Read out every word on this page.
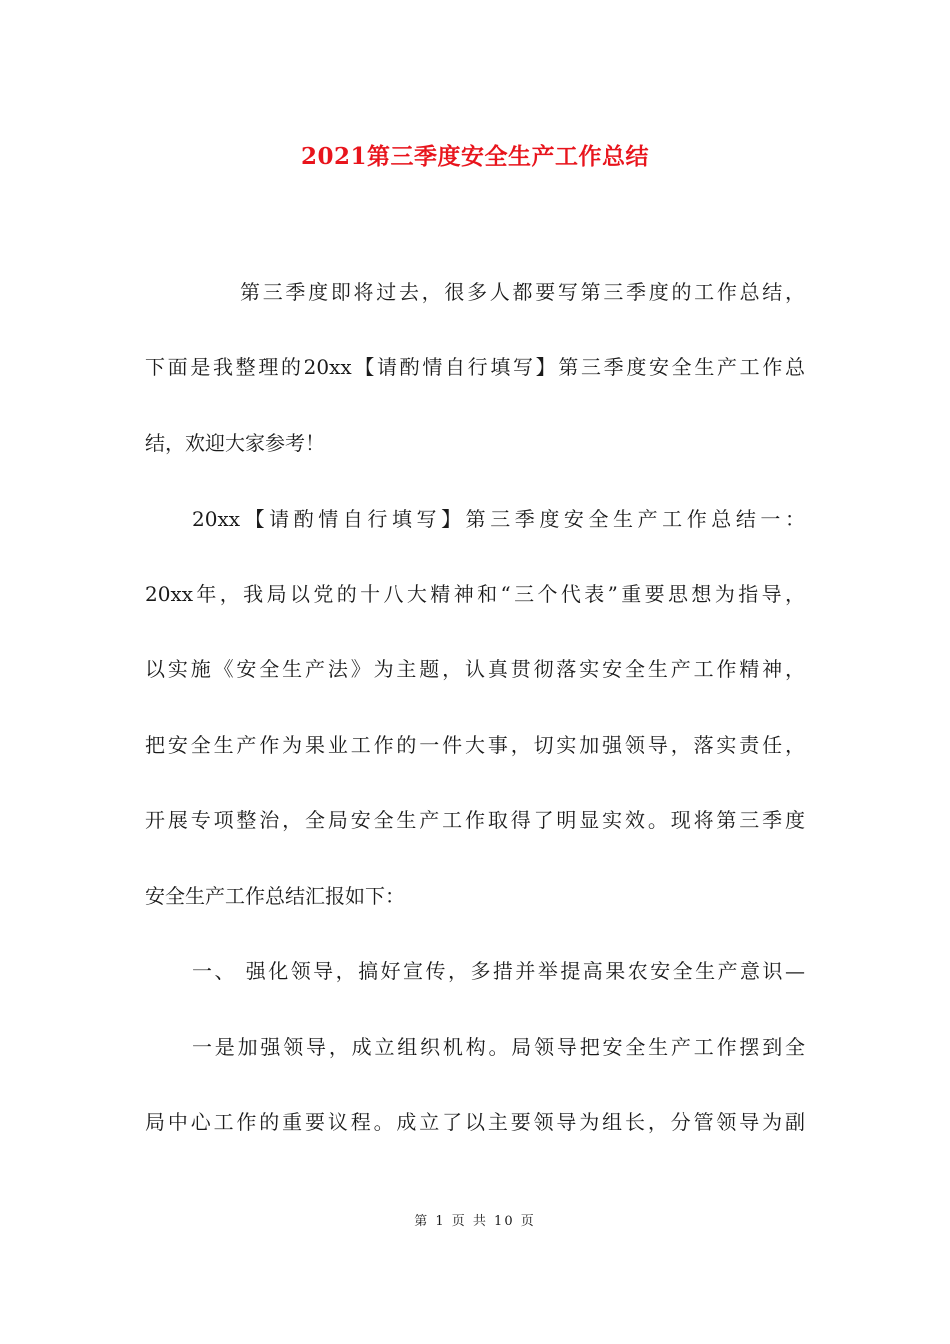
2021第三季度安全生产工作总结
第三季度即将过去，很多人都要写第三季度的工作总结，
下面是我整理的20xx【请酌情自行填写】第三季度安全生产工作总
结，欢迎大家参考！
20xx【请酌情自行填写】第三季度安全生产工作总结一：
20xx年，我局以党的十八大精神和“三个代表”重要思想为指导，
以实施《安全生产法》为主题，认真贯彻落实安全生产工作精神，
把安全生产作为果业工作的一件大事，切实加强领导，落实责任，
开展专项整治，全局安全生产工作取得了明显实效。现将第三季度
安全生产工作总结汇报如下：
一、 强化领导，搞好宣传，多措并举提高果农安全生产意识—
一是加强领导，成立组织机构。局领导把安全生产工作摆到全
局中心工作的重要议程。成立了以主要领导为组长，分管领导为副
第 1 页 共 10 页
